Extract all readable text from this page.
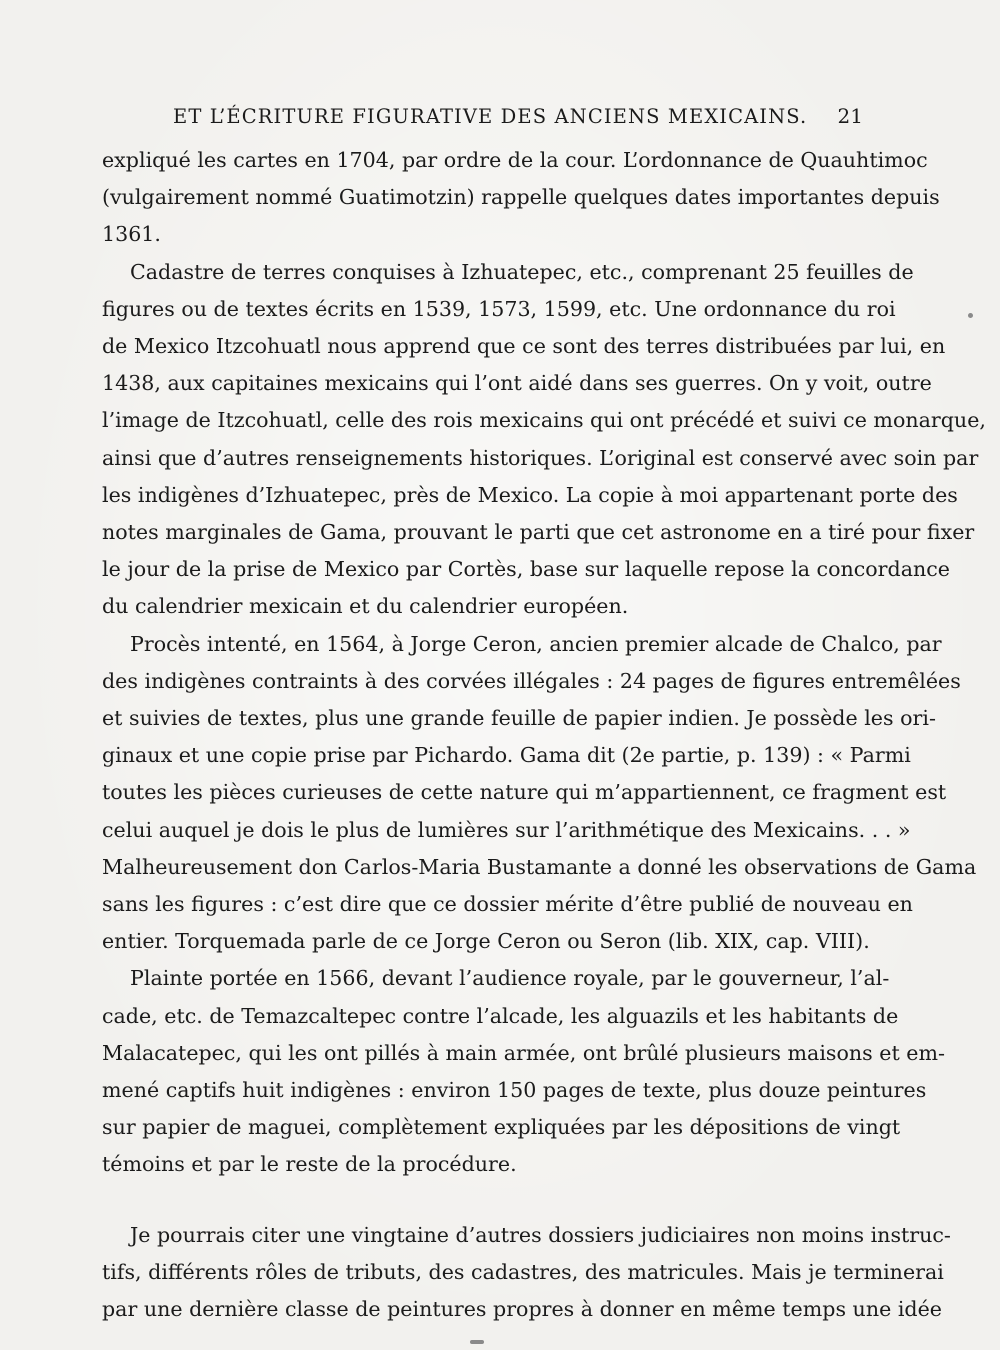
ET L’ÉCRITURE FIGURATIVE DES ANCIENS MEXICAINS. 21
expliqué les cartes en 1704, par ordre de la cour. L’ordonnance de Quauhtimoc
(vulgairement nommé Guatimotzin) rappelle quelques dates importantes depuis
1361.
Cadastre de terres conquises à Izhuatepec, etc., comprenant 25 feuilles de
figures ou de textes écrits en 1539, 1573, 1599, etc. Une ordonnance du roi
de Mexico Itzcohuatl nous apprend que ce sont des terres distribuées par lui, en
1438, aux capitaines mexicains qui l’ont aidé dans ses guerres. On y voit, outre
l’image de Itzcohuatl, celle des rois mexicains qui ont précédé et suivi ce monarque,
ainsi que d’autres renseignements historiques. L’original est conservé avec soin par
les indigènes d’Izhuatepec, près de Mexico. La copie à moi appartenant porte des
notes marginales de Gama, prouvant le parti que cet astronome en a tiré pour fixer
le jour de la prise de Mexico par Cortès, base sur laquelle repose la concordance
du calendrier mexicain et du calendrier européen.
Procès intenté, en 1564, à Jorge Ceron, ancien premier alcade de Chalco, par
des indigènes contraints à des corvées illégales : 24 pages de figures entremêlées
et suivies de textes, plus une grande feuille de papier indien. Je possède les ori-
ginaux et une copie prise par Pichardo. Gama dit (2e partie, p. 139) : « Parmi
toutes les pièces curieuses de cette nature qui m’appartiennent, ce fragment est
celui auquel je dois le plus de lumières sur l’arithmétique des Mexicains. . . »
Malheureusement don Carlos-Maria Bustamante a donné les observations de Gama
sans les figures : c’est dire que ce dossier mérite d’être publié de nouveau en
entier. Torquemada parle de ce Jorge Ceron ou Seron (lib. XIX, cap. VIII).
Plainte portée en 1566, devant l’audience royale, par le gouverneur, l’al-
cade, etc. de Temazcaltepec contre l’alcade, les alguazils et les habitants de
Malacatepec, qui les ont pillés à main armée, ont brûlé plusieurs maisons et em-
mené captifs huit indigènes : environ 150 pages de texte, plus douze peintures
sur papier de maguei, complètement expliquées par les dépositions de vingt
témoins et par le reste de la procédure.
Je pourrais citer une vingtaine d’autres dossiers judiciaires non moins instruc-
tifs, différents rôles de tributs, des cadastres, des matricules. Mais je terminerai
par une dernière classe de peintures propres à donner en même temps une idée
